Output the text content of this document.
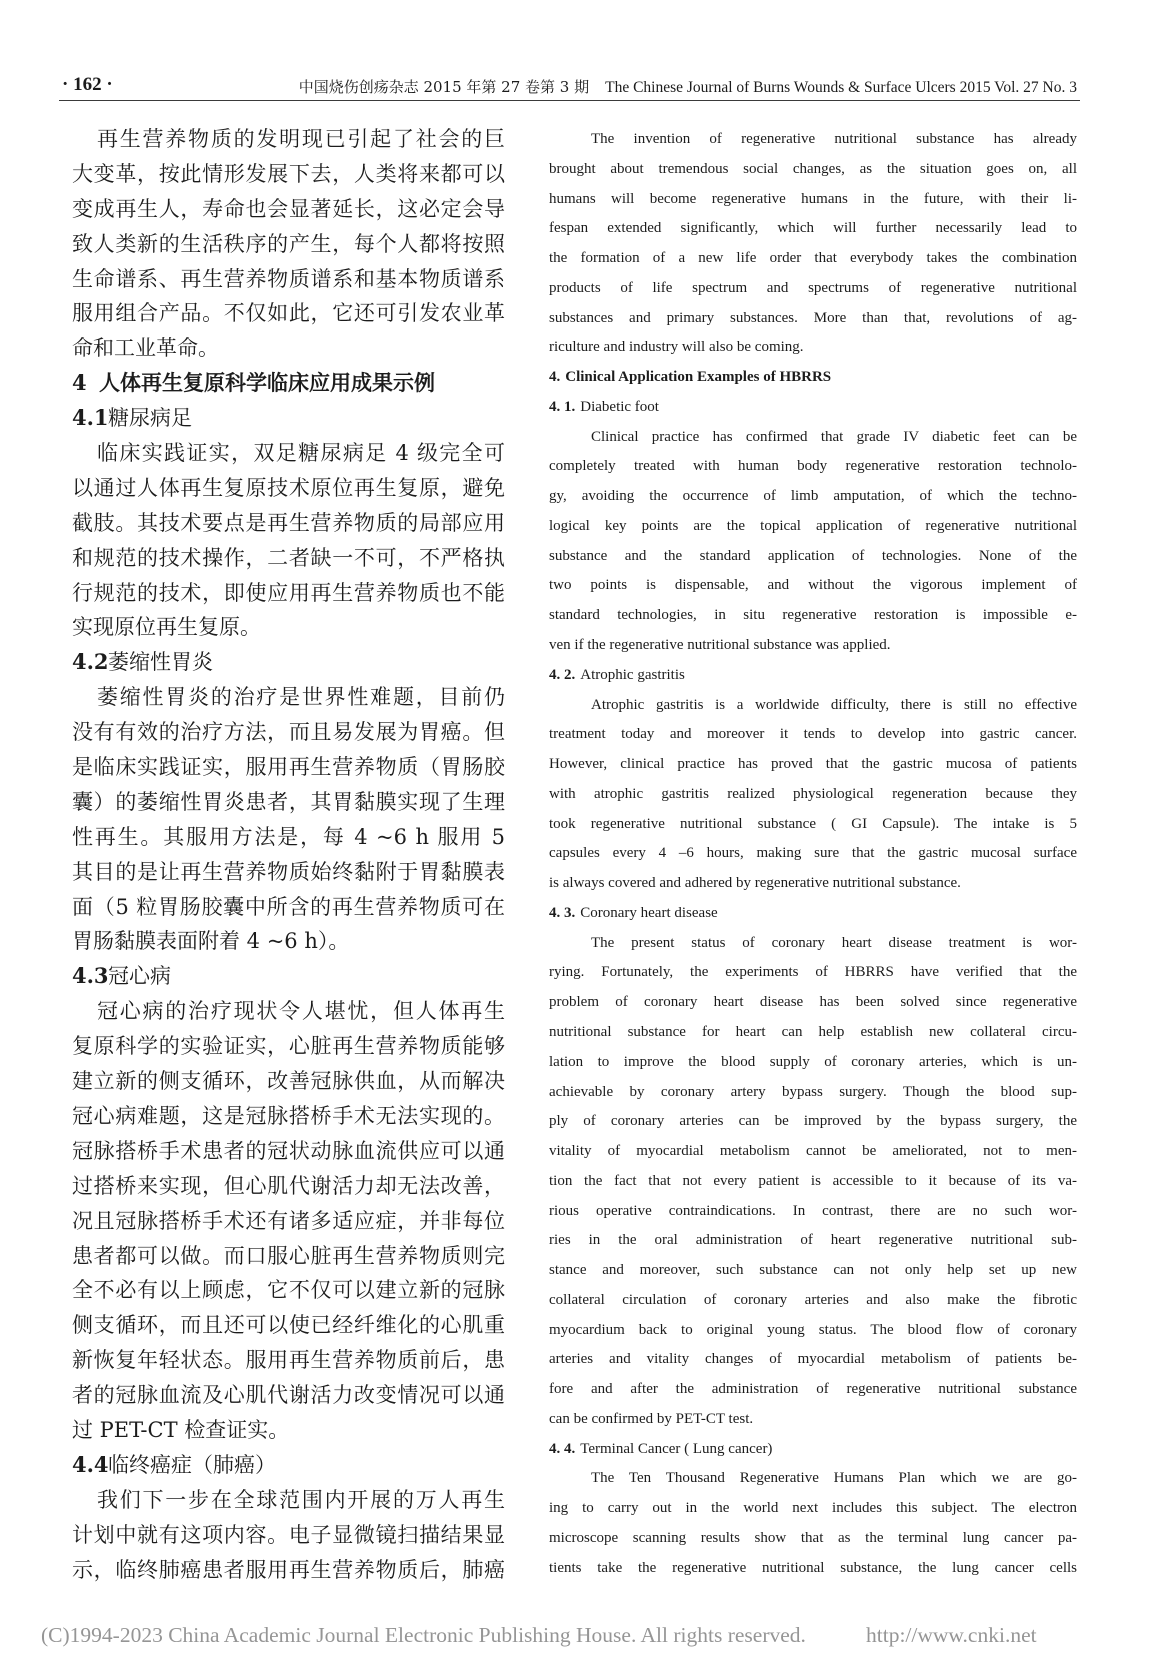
· 162 ·	中国烧伤创疡杂志 2015 年第 27 卷第 3 期 The Chinese Journal of Burns Wounds & Surface Ulcers 2015 Vol. 27 No. 3
再生营养物质的发明现已引起了社会的巨
大变革，按此情形发展下去，人类将来都可以
变成再生人，寿命也会显著延长，这必定会导
致人类新的生活秩序的产生，每个人都将按照
生命谱系、再生营养物质谱系和基本物质谱系
服用组合产品。不仅如此，它还可引发农业革
命和工业革命。
4 人体再生复原科学临床应用成果示例
4.1糖尿病足
临床实践证实，双足糖尿病足 4 级完全可
以通过人体再生复原技术原位再生复原，避免
截肢。其技术要点是再生营养物质的局部应用
和规范的技术操作，二者缺一不可，不严格执
行规范的技术，即使应用再生营养物质也不能
实现原位再生复原。
4.2萎缩性胃炎
萎缩性胃炎的治疗是世界性难题，目前仍
没有有效的治疗方法，而且易发展为胃癌。但
是临床实践证实，服用再生营养物质（胃肠胶
囊）的萎缩性胃炎患者，其胃黏膜实现了生理
性再生。其服用方法是，每 4 ~6 h 服用 5
其目的是让再生营养物质始终黏附于胃黏膜表
面（5 粒胃肠胶囊中所含的再生营养物质可在
胃肠黏膜表面附着 4 ~6 h）。
4.3冠心病
冠心病的治疗现状令人堪忧，但人体再生
复原科学的实验证实，心脏再生营养物质能够
建立新的侧支循环，改善冠脉供血，从而解决
冠心病难题，这是冠脉搭桥手术无法实现的。
冠脉搭桥手术患者的冠状动脉血流供应可以通
过搭桥来实现，但心肌代谢活力却无法改善，
况且冠脉搭桥手术还有诸多适应症，并非每位
患者都可以做。而口服心脏再生营养物质则完
全不必有以上顾虑，它不仅可以建立新的冠脉
侧支循环，而且还可以使已经纤维化的心肌重
新恢复年轻状态。服用再生营养物质前后，患
者的冠脉血流及心肌代谢活力改变情况可以通
过 PET-CT 检查证实。
4.4临终癌症（肺癌）
我们下一步在全球范围内开展的万人再生
计划中就有这项内容。电子显微镜扫描结果显
示，临终肺癌患者服用再生营养物质后，肺癌
The invention of regenerative nutritional substance has already
brought about tremendous social changes, as the situation goes on, all
humans will become regenerative humans in the future, with their li-
fespan extended significantly, which will further necessarily lead to
the formation of a new life order that everybody takes the combination
products of life spectrum and spectrums of regenerative nutritional
substances and primary substances. More than that, revolutions of ag-
riculture and industry will also be coming.
4. Clinical Application Examples of HBRRS
4. 1. Diabetic foot
Clinical practice has confirmed that grade IV diabetic feet can be
completely treated with human body regenerative restoration technolo-
gy, avoiding the occurrence of limb amputation, of which the techno-
logical key points are the topical application of regenerative nutritional
substance and the standard application of technologies. None of the
two points is dispensable, and without the vigorous implement of
standard technologies, in situ regenerative restoration is impossible e-
ven if the regenerative nutritional substance was applied.
4. 2. Atrophic gastritis
Atrophic gastritis is a worldwide difficulty, there is still no effective
treatment today and moreover it tends to develop into gastric cancer.
However, clinical practice has proved that the gastric mucosa of patients
with atrophic gastritis realized physiological regeneration because they
took regenerative nutritional substance ( GI Capsule). The intake is 5
capsules every 4 –6 hours, making sure that the gastric mucosal surface
is always covered and adhered by regenerative nutritional substance.
4. 3. Coronary heart disease
The present status of coronary heart disease treatment is wor-
rying. Fortunately, the experiments of HBRRS have verified that the
problem of coronary heart disease has been solved since regenerative
nutritional substance for heart can help establish new collateral circu-
lation to improve the blood supply of coronary arteries, which is un-
achievable by coronary artery bypass surgery. Though the blood sup-
ply of coronary arteries can be improved by the bypass surgery, the
vitality of myocardial metabolism cannot be ameliorated, not to men-
tion the fact that not every patient is accessible to it because of its va-
rious operative contraindications. In contrast, there are no such wor-
ries in the oral administration of heart regenerative nutritional sub-
stance and moreover, such substance can not only help set up new
collateral circulation of coronary arteries and also make the fibrotic
myocardium back to original young status. The blood flow of coronary
arteries and vitality changes of myocardial metabolism of patients be-
fore and after the administration of regenerative nutritional substance
can be confirmed by PET-CT test.
4. 4. Terminal Cancer ( Lung cancer)
The Ten Thousand Regenerative Humans Plan which we are go-
ing to carry out in the world next includes this subject. The electron
microscope scanning results show that as the terminal lung cancer pa-
tients take the regenerative nutritional substance, the lung cancer cells
(C)1994-2023 China Academic Journal Electronic Publishing House. All rights reserved.	http://www.cnki.net
